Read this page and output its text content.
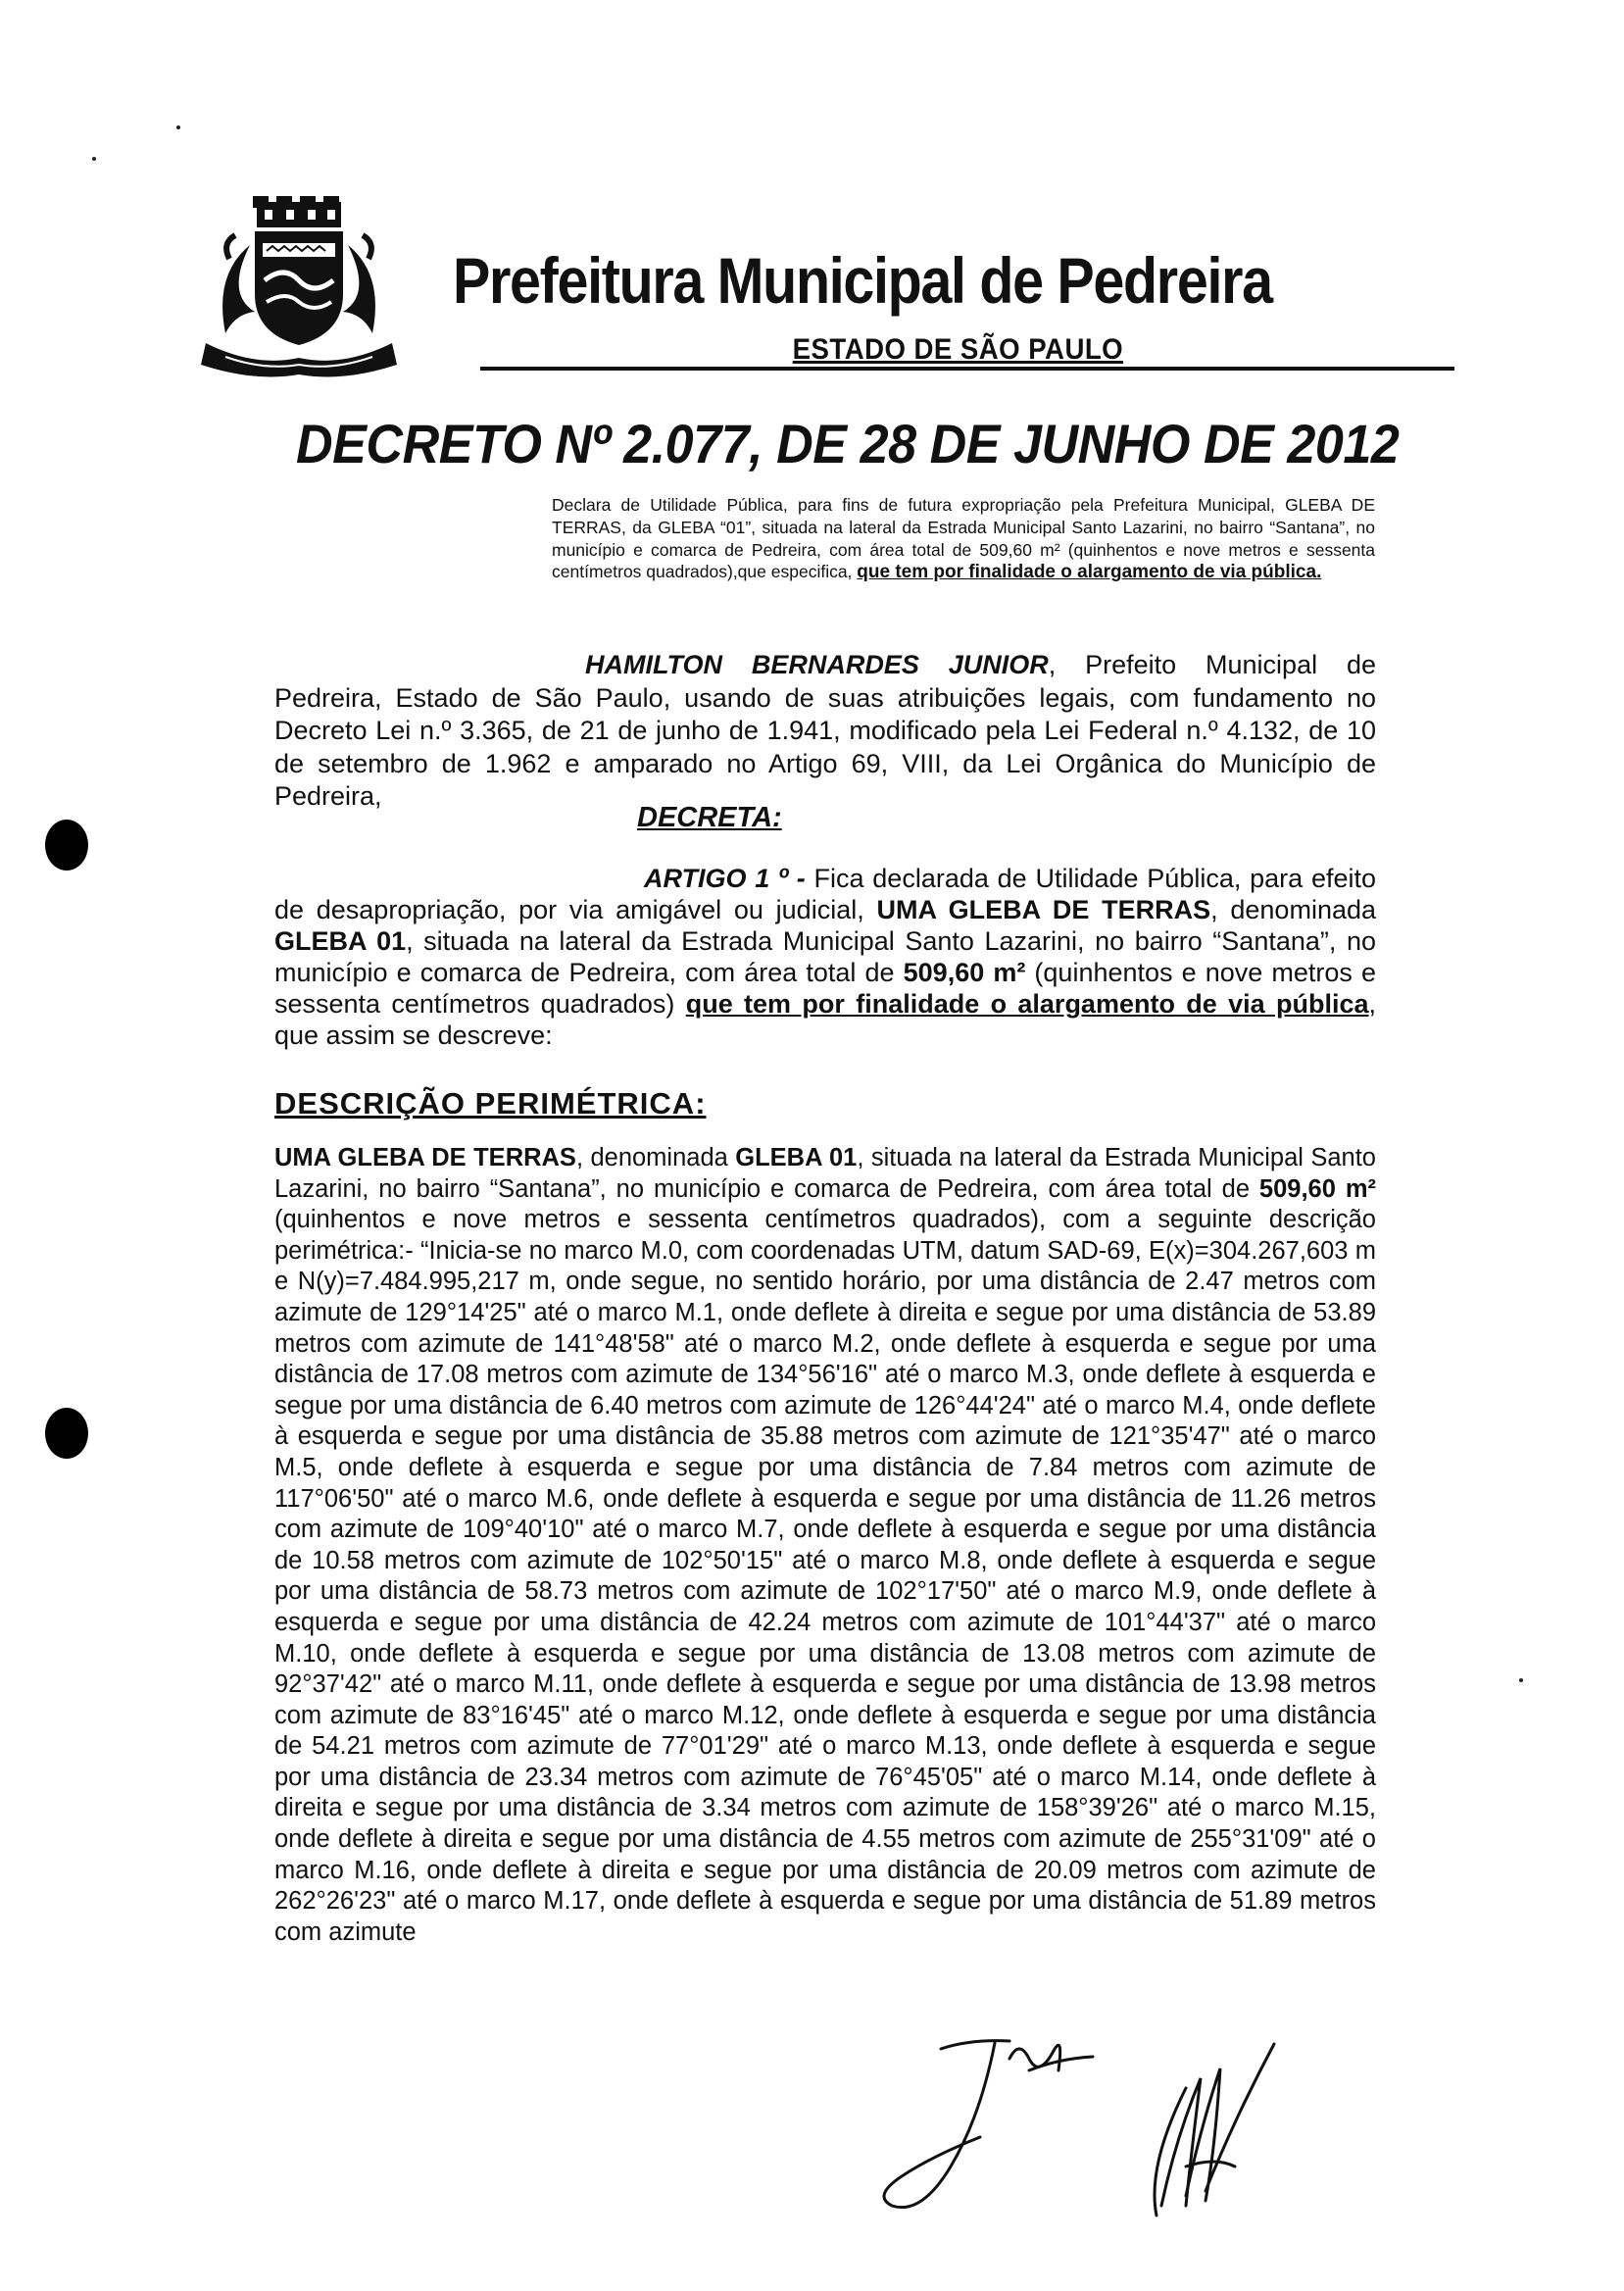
Prefeitura Municipal de Pedreira
ESTADO DE SÃO PAULO
DECRETO Nº 2.077, DE 28 DE JUNHO DE 2012
Declara de Utilidade Pública, para fins de futura expropriação pela Prefeitura Municipal, GLEBA DE TERRAS, da GLEBA “01”, situada na lateral da Estrada Municipal Santo Lazarini, no bairro “Santana”, no município e comarca de Pedreira, com área total de 509,60 m² (quinhentos e nove metros e sessenta centímetros quadrados),que especifica, que tem por finalidade o alargamento de via pública.
HAMILTON BERNARDES JUNIOR, Prefeito Municipal de Pedreira, Estado de São Paulo, usando de suas atribuições legais, com fundamento no Decreto Lei n.º 3.365, de 21 de junho de 1.941, modificado pela Lei Federal n.º 4.132, de 10 de setembro de 1.962 e amparado no Artigo 69, VIII, da Lei Orgânica do Município de Pedreira,
DECRETA:
ARTIGO 1 º - Fica declarada de Utilidade Pública, para efeito de desapropriação, por via amigável ou judicial, UMA GLEBA DE TERRAS, denominada GLEBA 01, situada na lateral da Estrada Municipal Santo Lazarini, no bairro “Santana”, no município e comarca de Pedreira, com área total de 509,60 m² (quinhentos e nove metros e sessenta centímetros quadrados) que tem por finalidade o alargamento de via pública, que assim se descreve:
DESCRIÇÃO PERIMÉTRICA:
UMA GLEBA DE TERRAS, denominada GLEBA 01, situada na lateral da Estrada Municipal Santo Lazarini, no bairro “Santana”, no município e comarca de Pedreira, com área total de 509,60 m² (quinhentos e nove metros e sessenta centímetros quadrados), com a seguinte descrição perimétrica:- “Inicia-se no marco M.0, com coordenadas UTM, datum SAD-69, E(x)=304.267,603 m e N(y)=7.484.995,217 m, onde segue, no sentido horário, por uma distância de 2.47 metros com azimute de 129°14'25" até o marco M.1, onde deflete à direita e segue por uma distância de 53.89 metros com azimute de 141°48'58" até o marco M.2, onde deflete à esquerda e segue por uma distância de 17.08 metros com azimute de 134°56'16" até o marco M.3, onde deflete à esquerda e segue por uma distância de 6.40 metros com azimute de 126°44'24" até o marco M.4, onde deflete à esquerda e segue por uma distância de 35.88 metros com azimute de 121°35'47" até o marco M.5, onde deflete à esquerda e segue por uma distância de 7.84 metros com azimute de 117°06'50" até o marco M.6, onde deflete à esquerda e segue por uma distância de 11.26 metros com azimute de 109°40'10" até o marco M.7, onde deflete à esquerda e segue por uma distância de 10.58 metros com azimute de 102°50'15" até o marco M.8, onde deflete à esquerda e segue por uma distância de 58.73 metros com azimute de 102°17'50" até o marco M.9, onde deflete à esquerda e segue por uma distância de 42.24 metros com azimute de 101°44'37" até o marco M.10, onde deflete à esquerda e segue por uma distância de 13.08 metros com azimute de 92°37'42" até o marco M.11, onde deflete à esquerda e segue por uma distância de 13.98 metros com azimute de 83°16'45" até o marco M.12, onde deflete à esquerda e segue por uma distância de 54.21 metros com azimute de 77°01'29" até o marco M.13, onde deflete à esquerda e segue por uma distância de 23.34 metros com azimute de 76°45'05" até o marco M.14, onde deflete à direita e segue por uma distância de 3.34 metros com azimute de 158°39'26" até o marco M.15, onde deflete à direita e segue por uma distância de 4.55 metros com azimute de 255°31'09" até o marco M.16, onde deflete à direita e segue por uma distância de 20.09 metros com azimute de 262°26'23" até o marco M.17, onde deflete à esquerda e segue por uma distância de 51.89 metros com azimute
